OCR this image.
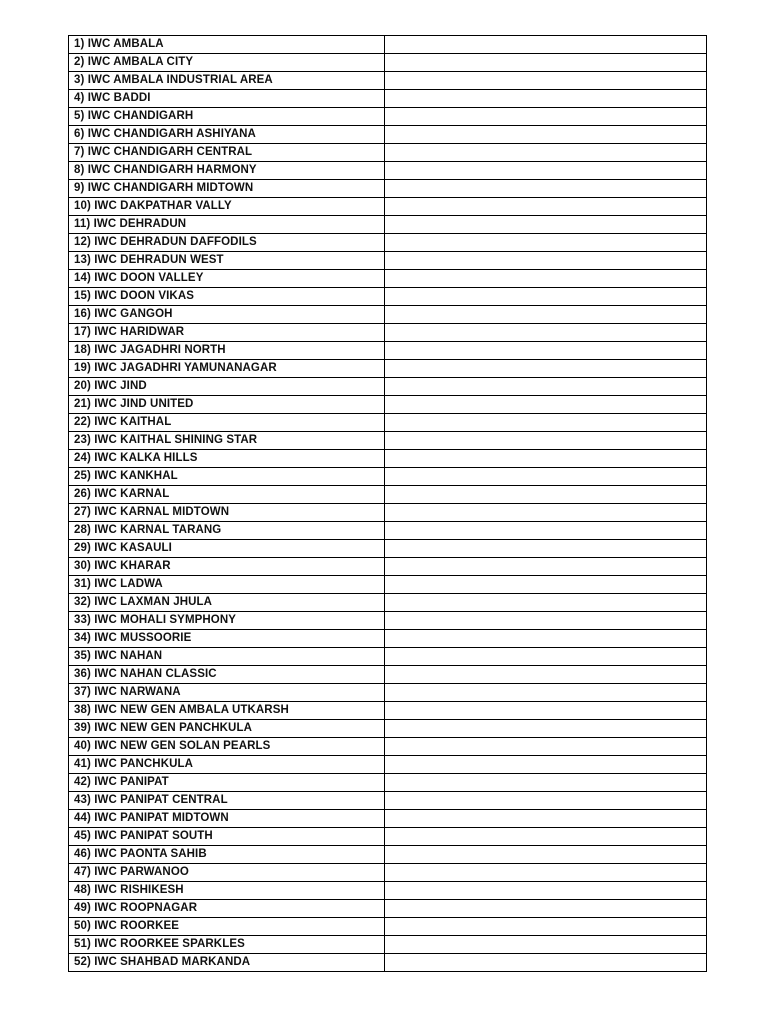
1) IWC AMBALA	
2) IWC AMBALA CITY	
3) IWC AMBALA INDUSTRIAL AREA	
4) IWC BADDI	
5) IWC CHANDIGARH	
6) IWC CHANDIGARH ASHIYANA	
7) IWC CHANDIGARH CENTRAL	
8) IWC CHANDIGARH HARMONY	
9) IWC CHANDIGARH MIDTOWN	
10) IWC DAKPATHAR VALLY	
11) IWC DEHRADUN	
12) IWC DEHRADUN DAFFODILS	
13) IWC DEHRADUN WEST	
14) IWC DOON VALLEY	
15) IWC DOON VIKAS	
16) IWC GANGOH	
17) IWC HARIDWAR	
18) IWC JAGADHRI NORTH	
19) IWC JAGADHRI YAMUNANAGAR	
20) IWC JIND	
21) IWC JIND UNITED	
22) IWC KAITHAL	
23) IWC KAITHAL SHINING STAR	
24) IWC KALKA HILLS	
25) IWC KANKHAL	
26) IWC KARNAL	
27) IWC KARNAL MIDTOWN	
28) IWC KARNAL TARANG	
29) IWC KASAULI	
30) IWC KHARAR	
31) IWC LADWA	
32) IWC LAXMAN JHULA	
33) IWC MOHALI SYMPHONY	
34) IWC MUSSOORIE	
35) IWC NAHAN	
36) IWC NAHAN CLASSIC	
37) IWC NARWANA	
38) IWC NEW GEN AMBALA UTKARSH	
39) IWC NEW GEN PANCHKULA	
40) IWC NEW GEN SOLAN PEARLS	
41) IWC PANCHKULA	
42) IWC PANIPAT	
43) IWC PANIPAT CENTRAL	
44) IWC PANIPAT MIDTOWN	
45) IWC PANIPAT SOUTH	
46) IWC PAONTA SAHIB	
47) IWC PARWANOO	
48) IWC RISHIKESH	
49) IWC ROOPNAGAR	
50) IWC ROORKEE	
51) IWC ROORKEE SPARKLES	
52) IWC SHAHBAD MARKANDA	
